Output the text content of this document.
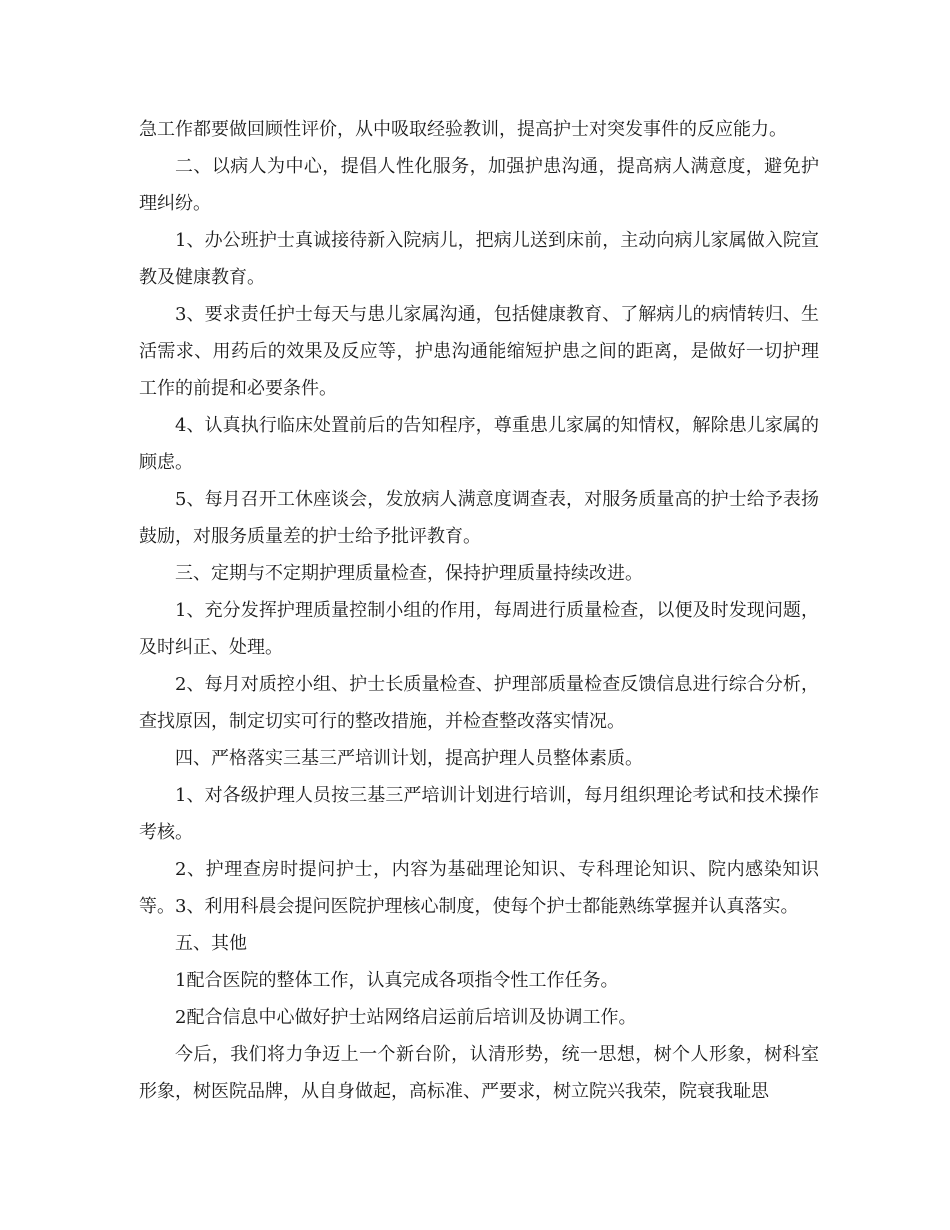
急工作都要做回顾性评价，从中吸取经验教训，提高护士对突发事件的反应能力。

二、以病人为中心，提倡人性化服务，加强护患沟通，提高病人满意度，避免护理纠纷。

1、办公班护士真诚接待新入院病儿，把病儿送到床前，主动向病儿家属做入院宣教及健康教育。

3、要求责任护士每天与患儿家属沟通，包括健康教育、了解病儿的病情转归、生活需求、用药后的效果及反应等，护患沟通能缩短护患之间的距离，是做好一切护理工作的前提和必要条件。

4、认真执行临床处置前后的告知程序，尊重患儿家属的知情权，解除患儿家属的顾虑。

5、每月召开工休座谈会，发放病人满意度调查表，对服务质量高的护士给予表扬鼓励，对服务质量差的护士给予批评教育。

三、定期与不定期护理质量检查，保持护理质量持续改进。

1、充分发挥护理质量控制小组的作用，每周进行质量检查，以便及时发现问题，及时纠正、处理。

2、每月对质控小组、护士长质量检查、护理部质量检查反馈信息进行综合分析，查找原因，制定切实可行的整改措施，并检查整改落实情况。

四、严格落实三基三严培训计划，提高护理人员整体素质。

1、对各级护理人员按三基三严培训计划进行培训，每月组织理论考试和技术操作考核。

2、护理查房时提问护士，内容为基础理论知识、专科理论知识、院内感染知识等。3、利用科晨会提问医院护理核心制度，使每个护士都能熟练掌握并认真落实。

五、其他

1配合医院的整体工作，认真完成各项指令性工作任务。

2配合信息中心做好护士站网络启运前后培训及协调工作。

今后，我们将力争迈上一个新台阶，认清形势，统一思想，树个人形象，树科室形象，树医院品牌，从自身做起，高标准、严要求，树立院兴我荣，院衰我耻思
